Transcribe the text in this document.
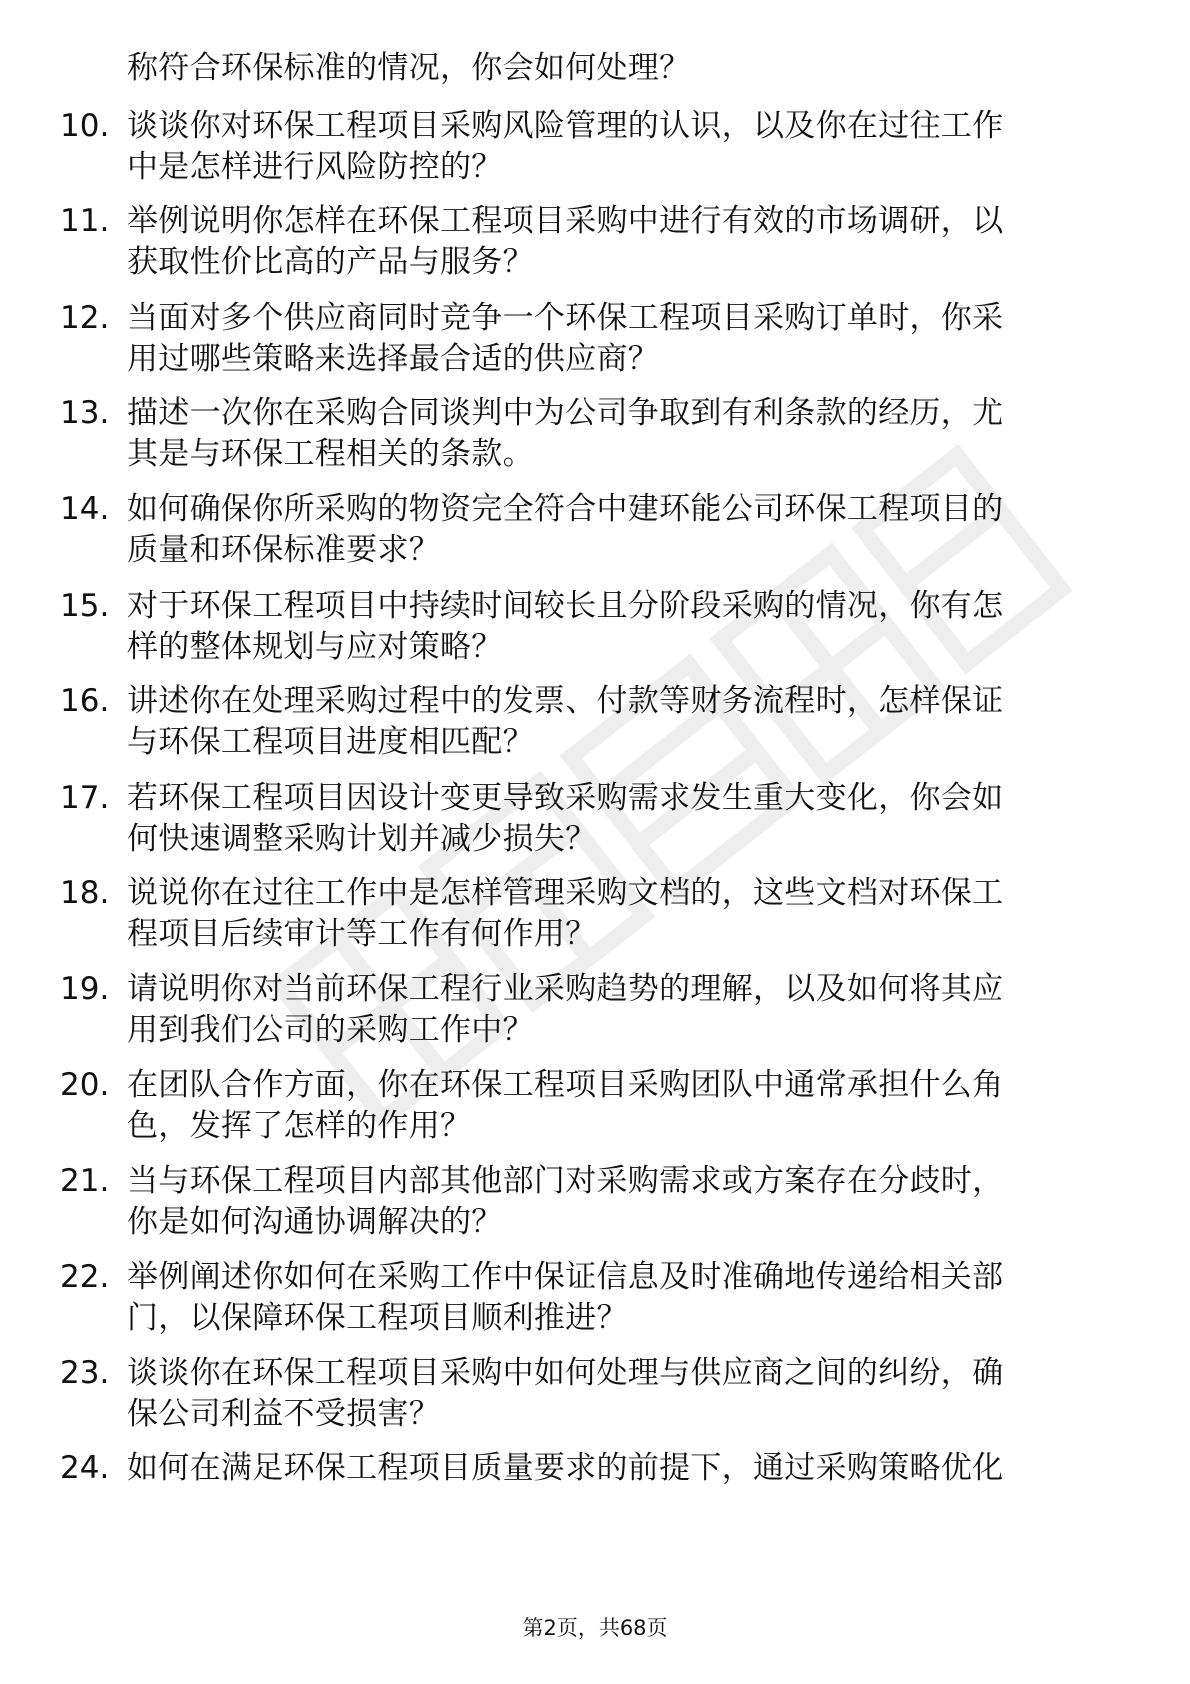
称符合环保标准的情况，你会如何处理？
10. 谈谈你对环保工程项目采购风险管理的认识，以及你在过往工作
中是怎样进行风险防控的？
11. 举例说明你怎样在环保工程项目采购中进行有效的市场调研，以
获取性价比高的产品与服务？
12. 当面对多个供应商同时竞争一个环保工程项目采购订单时，你采
用过哪些策略来选择最合适的供应商？
13. 描述一次你在采购合同谈判中为公司争取到有利条款的经历，尤
其是与环保工程相关的条款。
14. 如何确保你所采购的物资完全符合中建环能公司环保工程项目的
质量和环保标准要求？
15. 对于环保工程项目中持续时间较长且分阶段采购的情况，你有怎
样的整体规划与应对策略？
16. 讲述你在处理采购过程中的发票、付款等财务流程时，怎样保证
与环保工程项目进度相匹配？
17. 若环保工程项目因设计变更导致采购需求发生重大变化，你会如
何快速调整采购计划并减少损失？
18. 说说你在过往工作中是怎样管理采购文档的，这些文档对环保工
程项目后续审计等工作有何作用？
19. 请说明你对当前环保工程行业采购趋势的理解，以及如何将其应
用到我们公司的采购工作中？
20. 在团队合作方面，你在环保工程项目采购团队中通常承担什么角
色，发挥了怎样的作用？
21. 当与环保工程项目内部其他部门对采购需求或方案存在分歧时，
你是如何沟通协调解决的？
22. 举例阐述你如何在采购工作中保证信息及时准确地传递给相关部
门，以保障环保工程项目顺利推进？
23. 谈谈你在环保工程项目采购中如何处理与供应商之间的纠纷，确
保公司利益不受损害？
24. 如何在满足环保工程项目质量要求的前提下，通过采购策略优化
第2页，共68页
